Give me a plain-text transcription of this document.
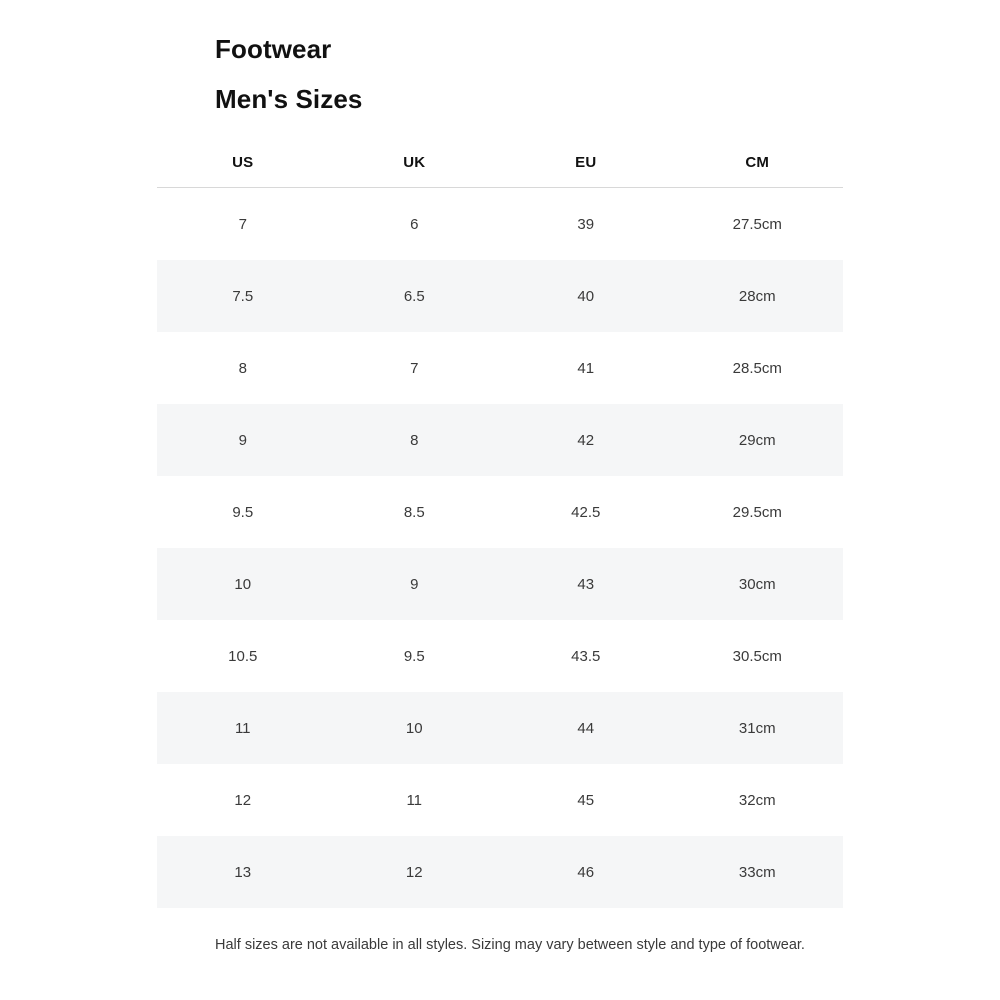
Footwear
Men's Sizes
US	UK	EU	CM
7	6	39	27.5cm
7.5	6.5	40	28cm
8	7	41	28.5cm
9	8	42	29cm
9.5	8.5	42.5	29.5cm
10	9	43	30cm
10.5	9.5	43.5	30.5cm
11	10	44	31cm
12	11	45	32cm
13	12	46	33cm
Half sizes are not available in all styles. Sizing may vary between style and type of footwear.
